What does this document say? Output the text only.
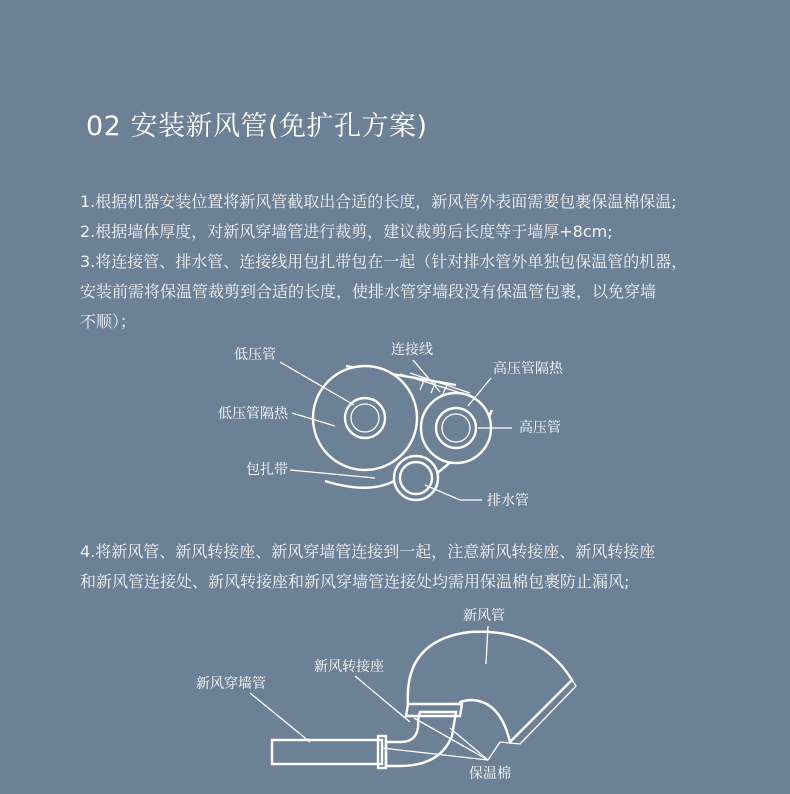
02 安装新风管(免扩孔方案)
1.根据机器安装位置将新风管截取出合适的长度，新风管外表面需要包裹保温棉保温;
2.根据墙体厚度，对新风穿墙管进行裁剪，建议裁剪后长度等于墙厚+8cm;
3.将连接管、排水管、连接线用包扎带包在一起（针对排水管外单独包保温管的机器，
安装前需将保温管裁剪到合适的长度，使排水管穿墙段没有保温管包裹，以免穿墙
不顺）；
低压管	连接线
高压管隔热
低压管隔热
高压管
包扎带
排水管
4.将新风管、新风转接座、新风穿墙管连接到一起，注意新风转接座、新风转接座
和新风管连接处、新风转接座和新风穿墙管连接处均需用保温棉包裹防止漏风;
新风管
新风转接座
新风穿墙管
保温棉
